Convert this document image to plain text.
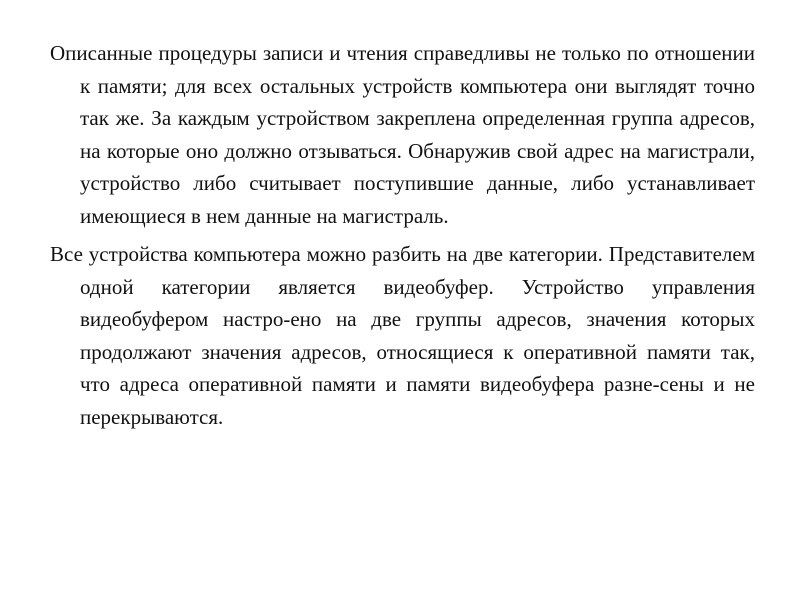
Описанные процедуры записи и чтения справедливы не только по отношении к памяти; для всех остальных устройств компьютера они выглядят точно так же. За каждым устройством закреплена определенная группа адресов, на которые оно должно отзываться. Обнаружив свой адрес на магистрали, устройство либо считывает поступившие данные, либо устанавливает имеющиеся в нем данные на магистраль.

Все устройства компьютера можно разбить на две категории. Представителем одной категории является видеобуфер. Устройство управления видеобуфером настро-ено на две группы адресов, значения которых продолжают значения адресов, относящиеся к оперативной памяти так, что адреса оперативной памяти и памяти видеобуфера разне-сены и не перекрываются.
